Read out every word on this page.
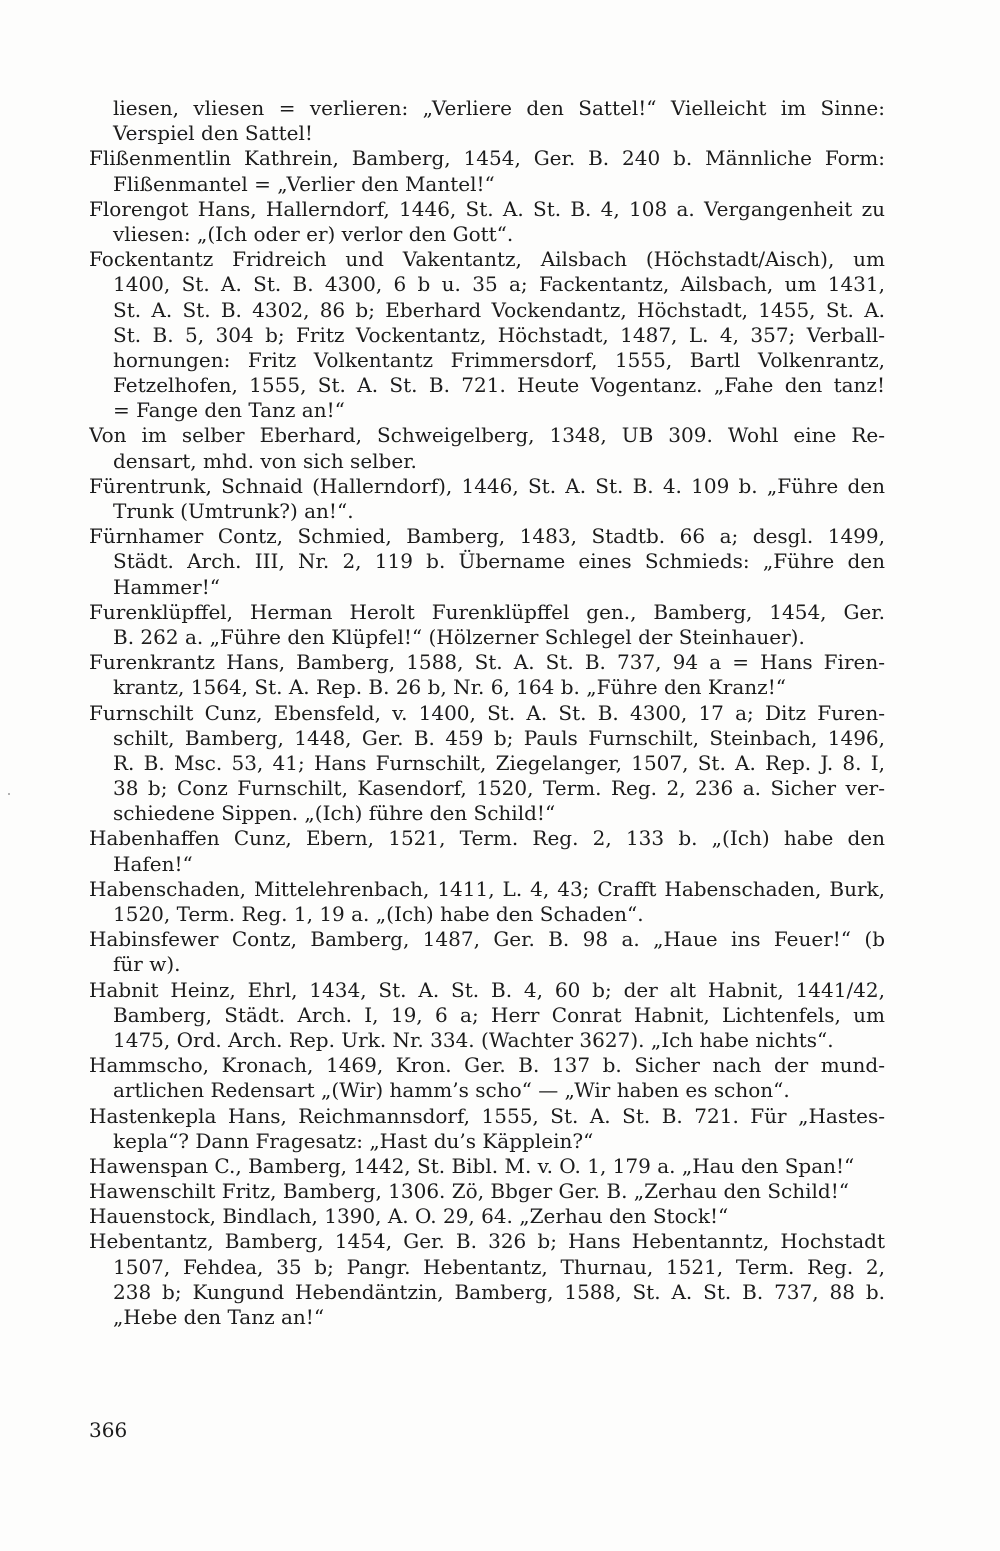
liesen, vliesen = verlieren: „Verliere den Sattel!“ Vielleicht im Sinne:
Verspiel den Sattel!
Flißenmentlin Kathrein, Bamberg, 1454, Ger. B. 240 b. Männliche Form:
Flißenmantel = „Verlier den Mantel!“
Florengot Hans, Hallerndorf, 1446, St. A. St. B. 4, 108 a. Vergangenheit zu
vliesen: „(Ich oder er) verlor den Gott“.
Fockentantz Fridreich und Vakentantz, Ailsbach (Höchstadt/Aisch), um
1400, St. A. St. B. 4300, 6 b u. 35 a; Fackentantz, Ailsbach, um 1431,
St. A. St. B. 4302, 86 b; Eberhard Vockendantz, Höchstadt, 1455, St. A.
St. B. 5, 304 b; Fritz Vockentantz, Höchstadt, 1487, L. 4, 357; Verball-
hornungen: Fritz Volkentantz Frimmersdorf, 1555, Bartl Volkenrantz,
Fetzelhofen, 1555, St. A. St. B. 721. Heute Vogentanz. „Fahe den tanz!
= Fange den Tanz an!“
Von im selber Eberhard, Schweigelberg, 1348, UB 309. Wohl eine Re-
densart, mhd. von sich selber.
Fürentrunk, Schnaid (Hallerndorf), 1446, St. A. St. B. 4. 109 b. „Führe den
Trunk (Umtrunk?) an!“.
Fürnhamer Contz, Schmied, Bamberg, 1483, Stadtb. 66 a; desgl. 1499,
Städt. Arch. III, Nr. 2, 119 b. Übername eines Schmieds: „Führe den
Hammer!“
Furenklüpffel, Herman Herolt Furenklüpffel gen., Bamberg, 1454, Ger.
B. 262 a. „Führe den Klüpfel!“ (Hölzerner Schlegel der Steinhauer).
Furenkrantz Hans, Bamberg, 1588, St. A. St. B. 737, 94 a = Hans Firen-
krantz, 1564, St. A. Rep. B. 26 b, Nr. 6, 164 b. „Führe den Kranz!“
Furnschilt Cunz, Ebensfeld, v. 1400, St. A. St. B. 4300, 17 a; Ditz Furen-
schilt, Bamberg, 1448, Ger. B. 459 b; Pauls Furnschilt, Steinbach, 1496,
R. B. Msc. 53, 41; Hans Furnschilt, Ziegelanger, 1507, St. A. Rep. J. 8. I,
38 b; Conz Furnschilt, Kasendorf, 1520, Term. Reg. 2, 236 a. Sicher ver-
schiedene Sippen. „(Ich) führe den Schild!“
Habenhaffen Cunz, Ebern, 1521, Term. Reg. 2, 133 b. „(Ich) habe den
Hafen!“
Habenschaden, Mittelehrenbach, 1411, L. 4, 43; Crafft Habenschaden, Burk,
1520, Term. Reg. 1, 19 a. „(Ich) habe den Schaden“.
Habinsfewer Contz, Bamberg, 1487, Ger. B. 98 a. „Haue ins Feuer!“ (b
für w).
Habnit Heinz, Ehrl, 1434, St. A. St. B. 4, 60 b; der alt Habnit, 1441/42,
Bamberg, Städt. Arch. I, 19, 6 a; Herr Conrat Habnit, Lichtenfels, um
1475, Ord. Arch. Rep. Urk. Nr. 334. (Wachter 3627). „Ich habe nichts“.
Hammscho, Kronach, 1469, Kron. Ger. B. 137 b. Sicher nach der mund-
artlichen Redensart „(Wir) hamm’s scho“ — „Wir haben es schon“.
Hastenkepla Hans, Reichmannsdorf, 1555, St. A. St. B. 721. Für „Hastes-
kepla“? Dann Fragesatz: „Hast du’s Käpplein?“
Hawenspan C., Bamberg, 1442, St. Bibl. M. v. O. 1, 179 a. „Hau den Span!“
Hawenschilt Fritz, Bamberg, 1306. Zö, Bbger Ger. B. „Zerhau den Schild!“
Hauenstock, Bindlach, 1390, A. O. 29, 64. „Zerhau den Stock!“
Hebentantz, Bamberg, 1454, Ger. B. 326 b; Hans Hebentanntz, Hochstadt
1507, Fehdea, 35 b; Pangr. Hebentantz, Thurnau, 1521, Term. Reg. 2,
238 b; Kungund Hebendäntzin, Bamberg, 1588, St. A. St. B. 737, 88 b.
„Hebe den Tanz an!“
366
